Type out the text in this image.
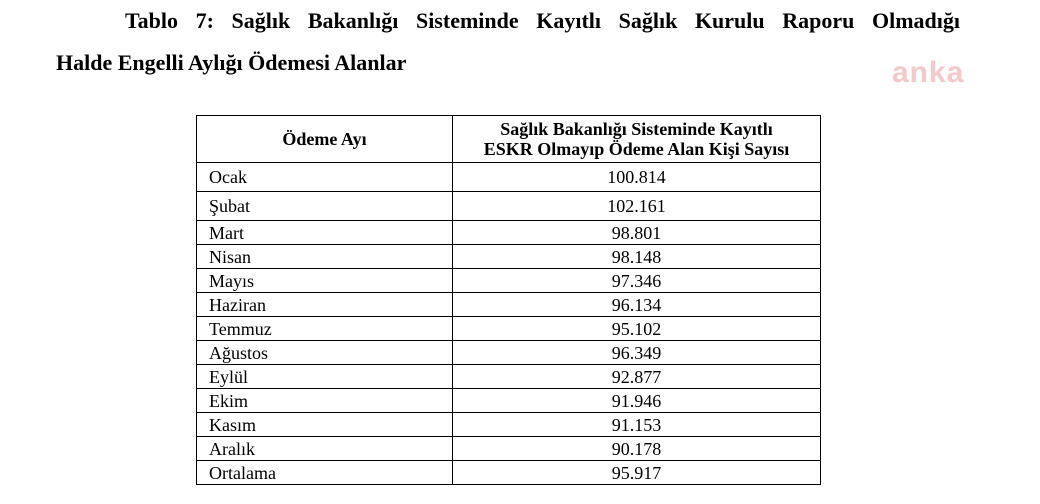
Tablo 7: Sağlık Bakanlığı Sisteminde Kayıtlı Sağlık Kurulu Raporu Olmadığı
Halde Engelli Aylığı Ödemesi Alanlar	anka
Ödeme Ayı	Sağlık Bakanlığı Sisteminde Kayıtlı
ESKR Olmayıp Ödeme Alan Kişi Sayısı

Ocak	100.814
Şubat	102.161
Mart	98.801
Nisan	98.148
Mayıs	97.346
Haziran	96.134
Temmuz	95.102
Ağustos	96.349
Eylül	92.877
Ekim	91.946
Kasım	91.153
Aralık	90.178
Ortalama	95.917
